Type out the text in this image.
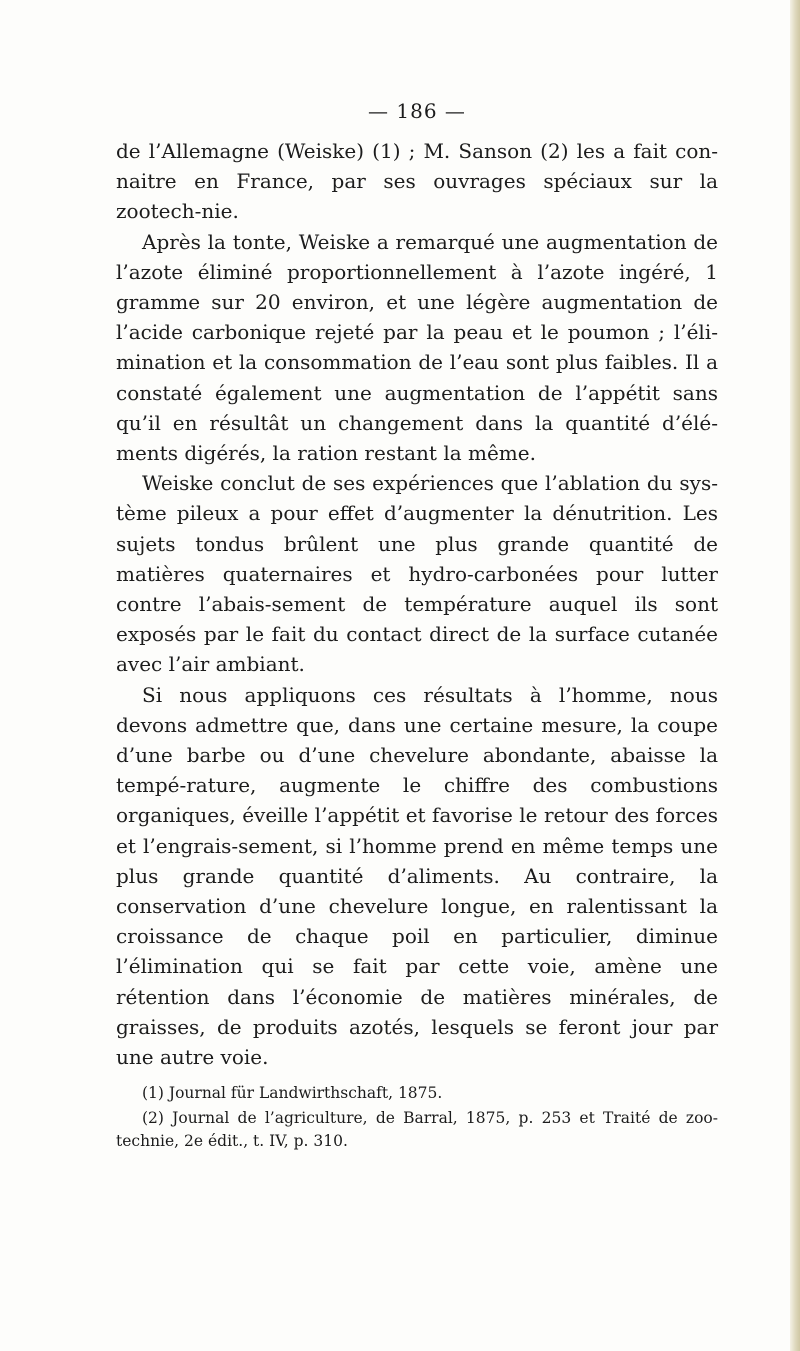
— 186 —

de l’Allemagne (Weiske) (1) ; M. Sanson (2) les a fait con-naitre en France, par ses ouvrages spéciaux sur la zootech-nie.

Après la tonte, Weiske a remarqué une augmentation de l’azote éliminé proportionnellement à l’azote ingéré, 1 gramme sur 20 environ, et une légère augmentation de l’acide carbonique rejeté par la peau et le poumon ; l’éli-mination et la consommation de l’eau sont plus faibles. Il a constaté également une augmentation de l’appétit sans qu’il en résultât un changement dans la quantité d’élé-ments digérés, la ration restant la même.

Weiske conclut de ses expériences que l’ablation du sys-tème pileux a pour effet d’augmenter la dénutrition. Les sujets tondus brûlent une plus grande quantité de matières quaternaires et hydro-carbonées pour lutter contre l’abais-sement de température auquel ils sont exposés par le fait du contact direct de la surface cutanée avec l’air ambiant.

Si nous appliquons ces résultats à l’homme, nous devons admettre que, dans une certaine mesure, la coupe d’une barbe ou d’une chevelure abondante, abaisse la tempé-rature, augmente le chiffre des combustions organiques, éveille l’appétit et favorise le retour des forces et l’engrais-sement, si l’homme prend en même temps une plus grande quantité d’aliments. Au contraire, la conservation d’une chevelure longue, en ralentissant la croissance de chaque poil en particulier, diminue l’élimination qui se fait par cette voie, amène une rétention dans l’économie de matières minérales, de graisses, de produits azotés, lesquels se feront jour par une autre voie.

(1) Journal für Landwirthschaft, 1875.

(2) Journal de l’agriculture, de Barral, 1875, p. 253 et Traité de zoo-technie, 2e édit., t. IV, p. 310.
